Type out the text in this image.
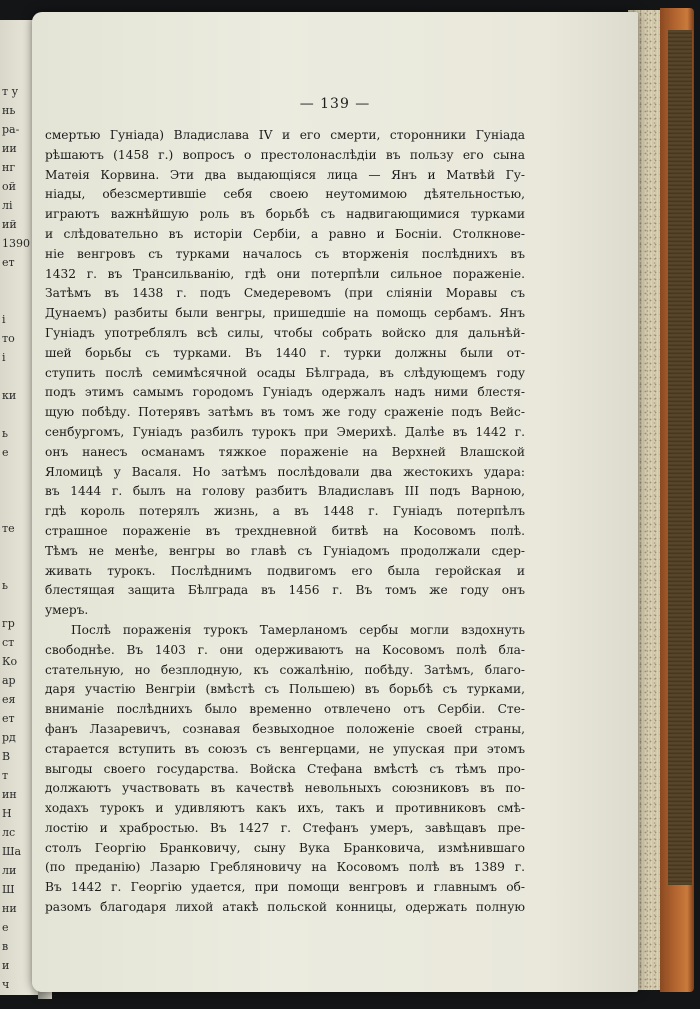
т у
нь
ра-
ии
нг
ой
лі
ий
1390
ет
і
то
і
ки
ь
е
те
ь
гр
ст
Ко
ар
ея
ет
рд
В
т
ин
Н
лс
Ша
ли
Ш
ни
е
в
и
ч
— 139 —
смертью Гуніада) Владислава IV и его смерти, сторонники Гуніада
рѣшаютъ (1458 г.) вопросъ о престолонаслѣдіи въ пользу его сына
Матѳія Корвина. Эти два выдающіяся лица — Янъ и Матвѣй Гу-
ніады, обезсмертившіе себя своею неутомимою дѣятельностью,
играютъ важнѣйшую роль въ борьбѣ съ надвигающимися турками
и слѣдовательно въ исторіи Сербіи, а равно и Босніи. Столкнове-
ніе венгровъ съ турками началось съ вторженія послѣднихъ въ
1432 г. въ Трансильванію, гдѣ они потерпѣли сильное пораженіе.
Затѣмъ въ 1438 г. подъ Смедеревомъ (при сліяніи Моравы съ
Дунаемъ) разбиты были венгры, пришедшіе на помощь сербамъ. Янъ
Гуніадъ употреблялъ всѣ силы, чтобы собрать войско для дальнѣй-
шей борьбы съ турками. Въ 1440 г. турки должны были от-
ступить послѣ семимѣсячной осады Бѣлграда, въ слѣдующемъ году
подъ этимъ самымъ городомъ Гуніадъ одержалъ надъ ними блестя-
щую побѣду. Потерявъ затѣмъ въ томъ же году сраженіе подъ Вейс-
сенбургомъ, Гуніадъ разбилъ турокъ при Эмерихѣ. Далѣе въ 1442 г.
онъ нанесъ османамъ тяжкое пораженіе на Верхней Влашской
Яломицѣ у Васаля. Но затѣмъ послѣдовали два жестокихъ удара:
въ 1444 г. былъ на голову разбитъ Владиславъ III подъ Варною,
гдѣ король потерялъ жизнь, а въ 1448 г. Гуніадъ потерпѣлъ
страшное пораженіе въ трехдневной битвѣ на Косовомъ полѣ.
Тѣмъ не менѣе, венгры во главѣ съ Гуніадомъ продолжали сдер-
живать турокъ. Послѣднимъ подвигомъ его была геройская и
блестящая защита Бѣлграда въ 1456 г. Въ томъ же году онъ
умеръ.
Послѣ пораженія турокъ Тамерланомъ сербы могли вздохнуть
свободнѣе. Въ 1403 г. они одерживаютъ на Косовомъ полѣ бла-
стательную, но безплодную, къ сожалѣнію, побѣду. Затѣмъ, благо-
даря участію Венгріи (вмѣстѣ съ Польшею) въ борьбѣ съ турками,
вниманіе послѣднихъ было временно отвлечено отъ Сербіи. Сте-
фанъ Лазаревичъ, сознавая безвыходное положеніе своей страны,
старается вступить въ союзъ съ венгерцами, не упуская при этомъ
выгоды своего государства. Войска Стефана вмѣстѣ съ тѣмъ про-
должаютъ участвовать въ качествѣ невольныхъ союзниковъ въ по-
ходахъ турокъ и удивляютъ какъ ихъ, такъ и противниковъ смѣ-
лостію и храбростью. Въ 1427 г. Стефанъ умеръ, завѣщавъ пре-
столъ Георгію Бранковичу, сыну Вука Бранковича, измѣнившаго
(по преданію) Лазарю Гребляновичу на Косовомъ полѣ въ 1389 г.
Въ 1442 г. Георгію удается, при помощи венгровъ и главнымъ об-
разомъ благодаря лихой атакѣ польской конницы, одержать полную
